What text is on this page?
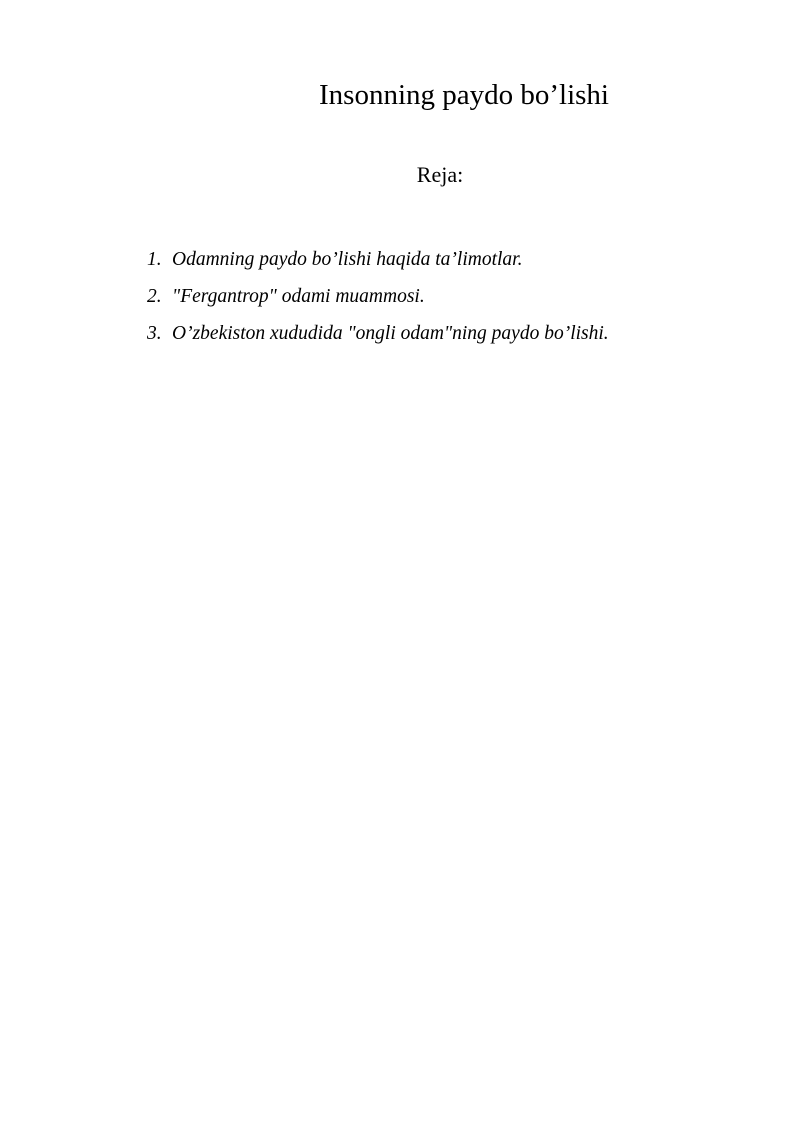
Insonning paydo bo’lishi
Reja:
1. Odamning paydo bo’lishi haqida ta’limotlar.
2. "Fergantrop" odami muammosi.
3. O’zbekiston xududida "ongli odam"ning paydo bo’lishi.
